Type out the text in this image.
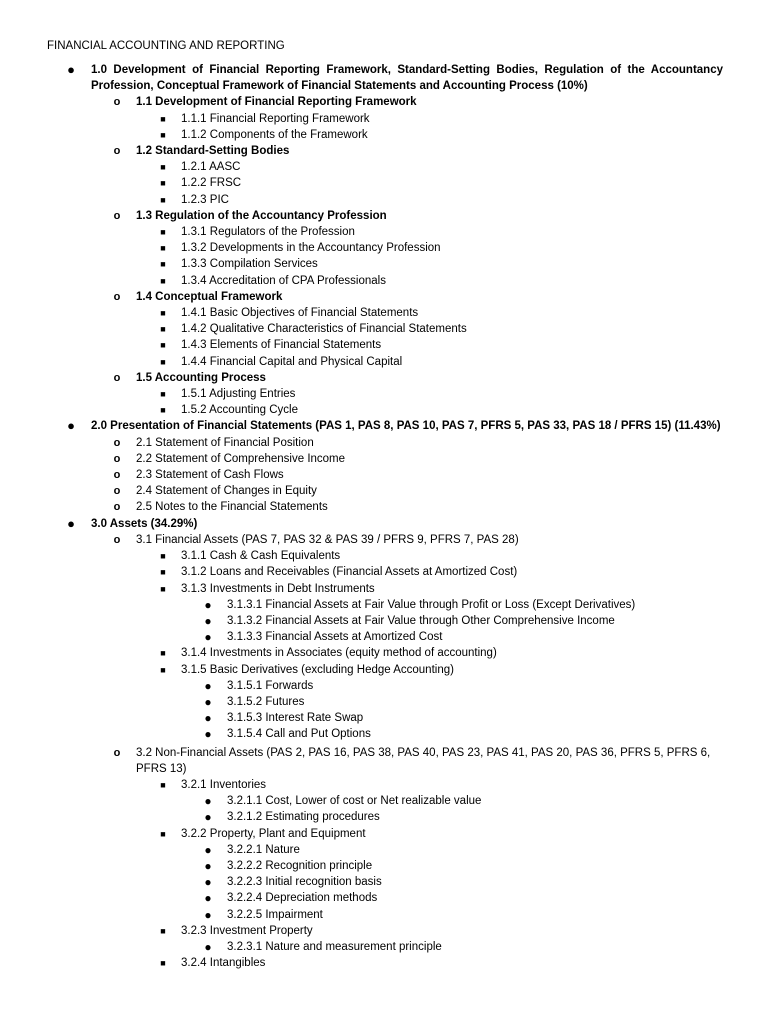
FINANCIAL ACCOUNTING AND REPORTING
● 1.0 Development of Financial Reporting Framework, Standard-Setting Bodies, Regulation of the Accountancy Profession, Conceptual Framework of Financial Statements and Accounting Process (10%)
o	1.1 Development of Financial Reporting Framework
■	1.1.1 Financial Reporting Framework
■	1.1.2 Components of the Framework
o	1.2 Standard-Setting Bodies
■	1.2.1 AASC
■	1.2.2 FRSC
■	1.2.3 PIC
o	1.3 Regulation of the Accountancy Profession
■	1.3.1 Regulators of the Profession
■	1.3.2 Developments in the Accountancy Profession
■	1.3.3 Compilation Services
■	1.3.4 Accreditation of CPA Professionals
o	1.4 Conceptual Framework
■	1.4.1 Basic Objectives of Financial Statements
■	1.4.2 Qualitative Characteristics of Financial Statements
■	1.4.3 Elements of Financial Statements
■	1.4.4 Financial Capital and Physical Capital
o	1.5 Accounting Process
■	1.5.1 Adjusting Entries
■	1.5.2 Accounting Cycle
● 2.0 Presentation of Financial Statements (PAS 1, PAS 8, PAS 10, PAS 7, PFRS 5, PAS 33, PAS 18 / PFRS 15) (11.43%)
o	2.1 Statement of Financial Position
o	2.2 Statement of Comprehensive Income
o	2.3 Statement of Cash Flows
o	2.4 Statement of Changes in Equity
o	2.5 Notes to the Financial Statements
● 3.0 Assets (34.29%)
o	3.1 Financial Assets (PAS 7, PAS 32 & PAS 39 / PFRS 9, PFRS 7, PAS 28)
■	3.1.1 Cash & Cash Equivalents
■	3.1.2 Loans and Receivables (Financial Assets at Amortized Cost)
■	3.1.3 Investments in Debt Instruments
● 3.1.3.1 Financial Assets at Fair Value through Profit or Loss (Except Derivatives)
● 3.1.3.2 Financial Assets at Fair Value through Other Comprehensive Income
● 3.1.3.3 Financial Assets at Amortized Cost
■	3.1.4 Investments in Associates (equity method of accounting)
■	3.1.5 Basic Derivatives (excluding Hedge Accounting)
● 3.1.5.1 Forwards
● 3.1.5.2 Futures
● 3.1.5.3 Interest Rate Swap
● 3.1.5.4 Call and Put Options
o	3.2 Non-Financial Assets (PAS 2, PAS 16, PAS 38, PAS 40, PAS 23, PAS 41, PAS 20, PAS 36, PFRS 5, PFRS 6, PFRS 13)
■	3.2.1 Inventories
● 3.2.1.1 Cost, Lower of cost or Net realizable value
● 3.2.1.2 Estimating procedures
■	3.2.2 Property, Plant and Equipment
● 3.2.2.1 Nature
● 3.2.2.2 Recognition principle
● 3.2.2.3 Initial recognition basis
● 3.2.2.4 Depreciation methods
● 3.2.2.5 Impairment
■	3.2.3 Investment Property
● 3.2.3.1 Nature and measurement principle
■	3.2.4 Intangibles
